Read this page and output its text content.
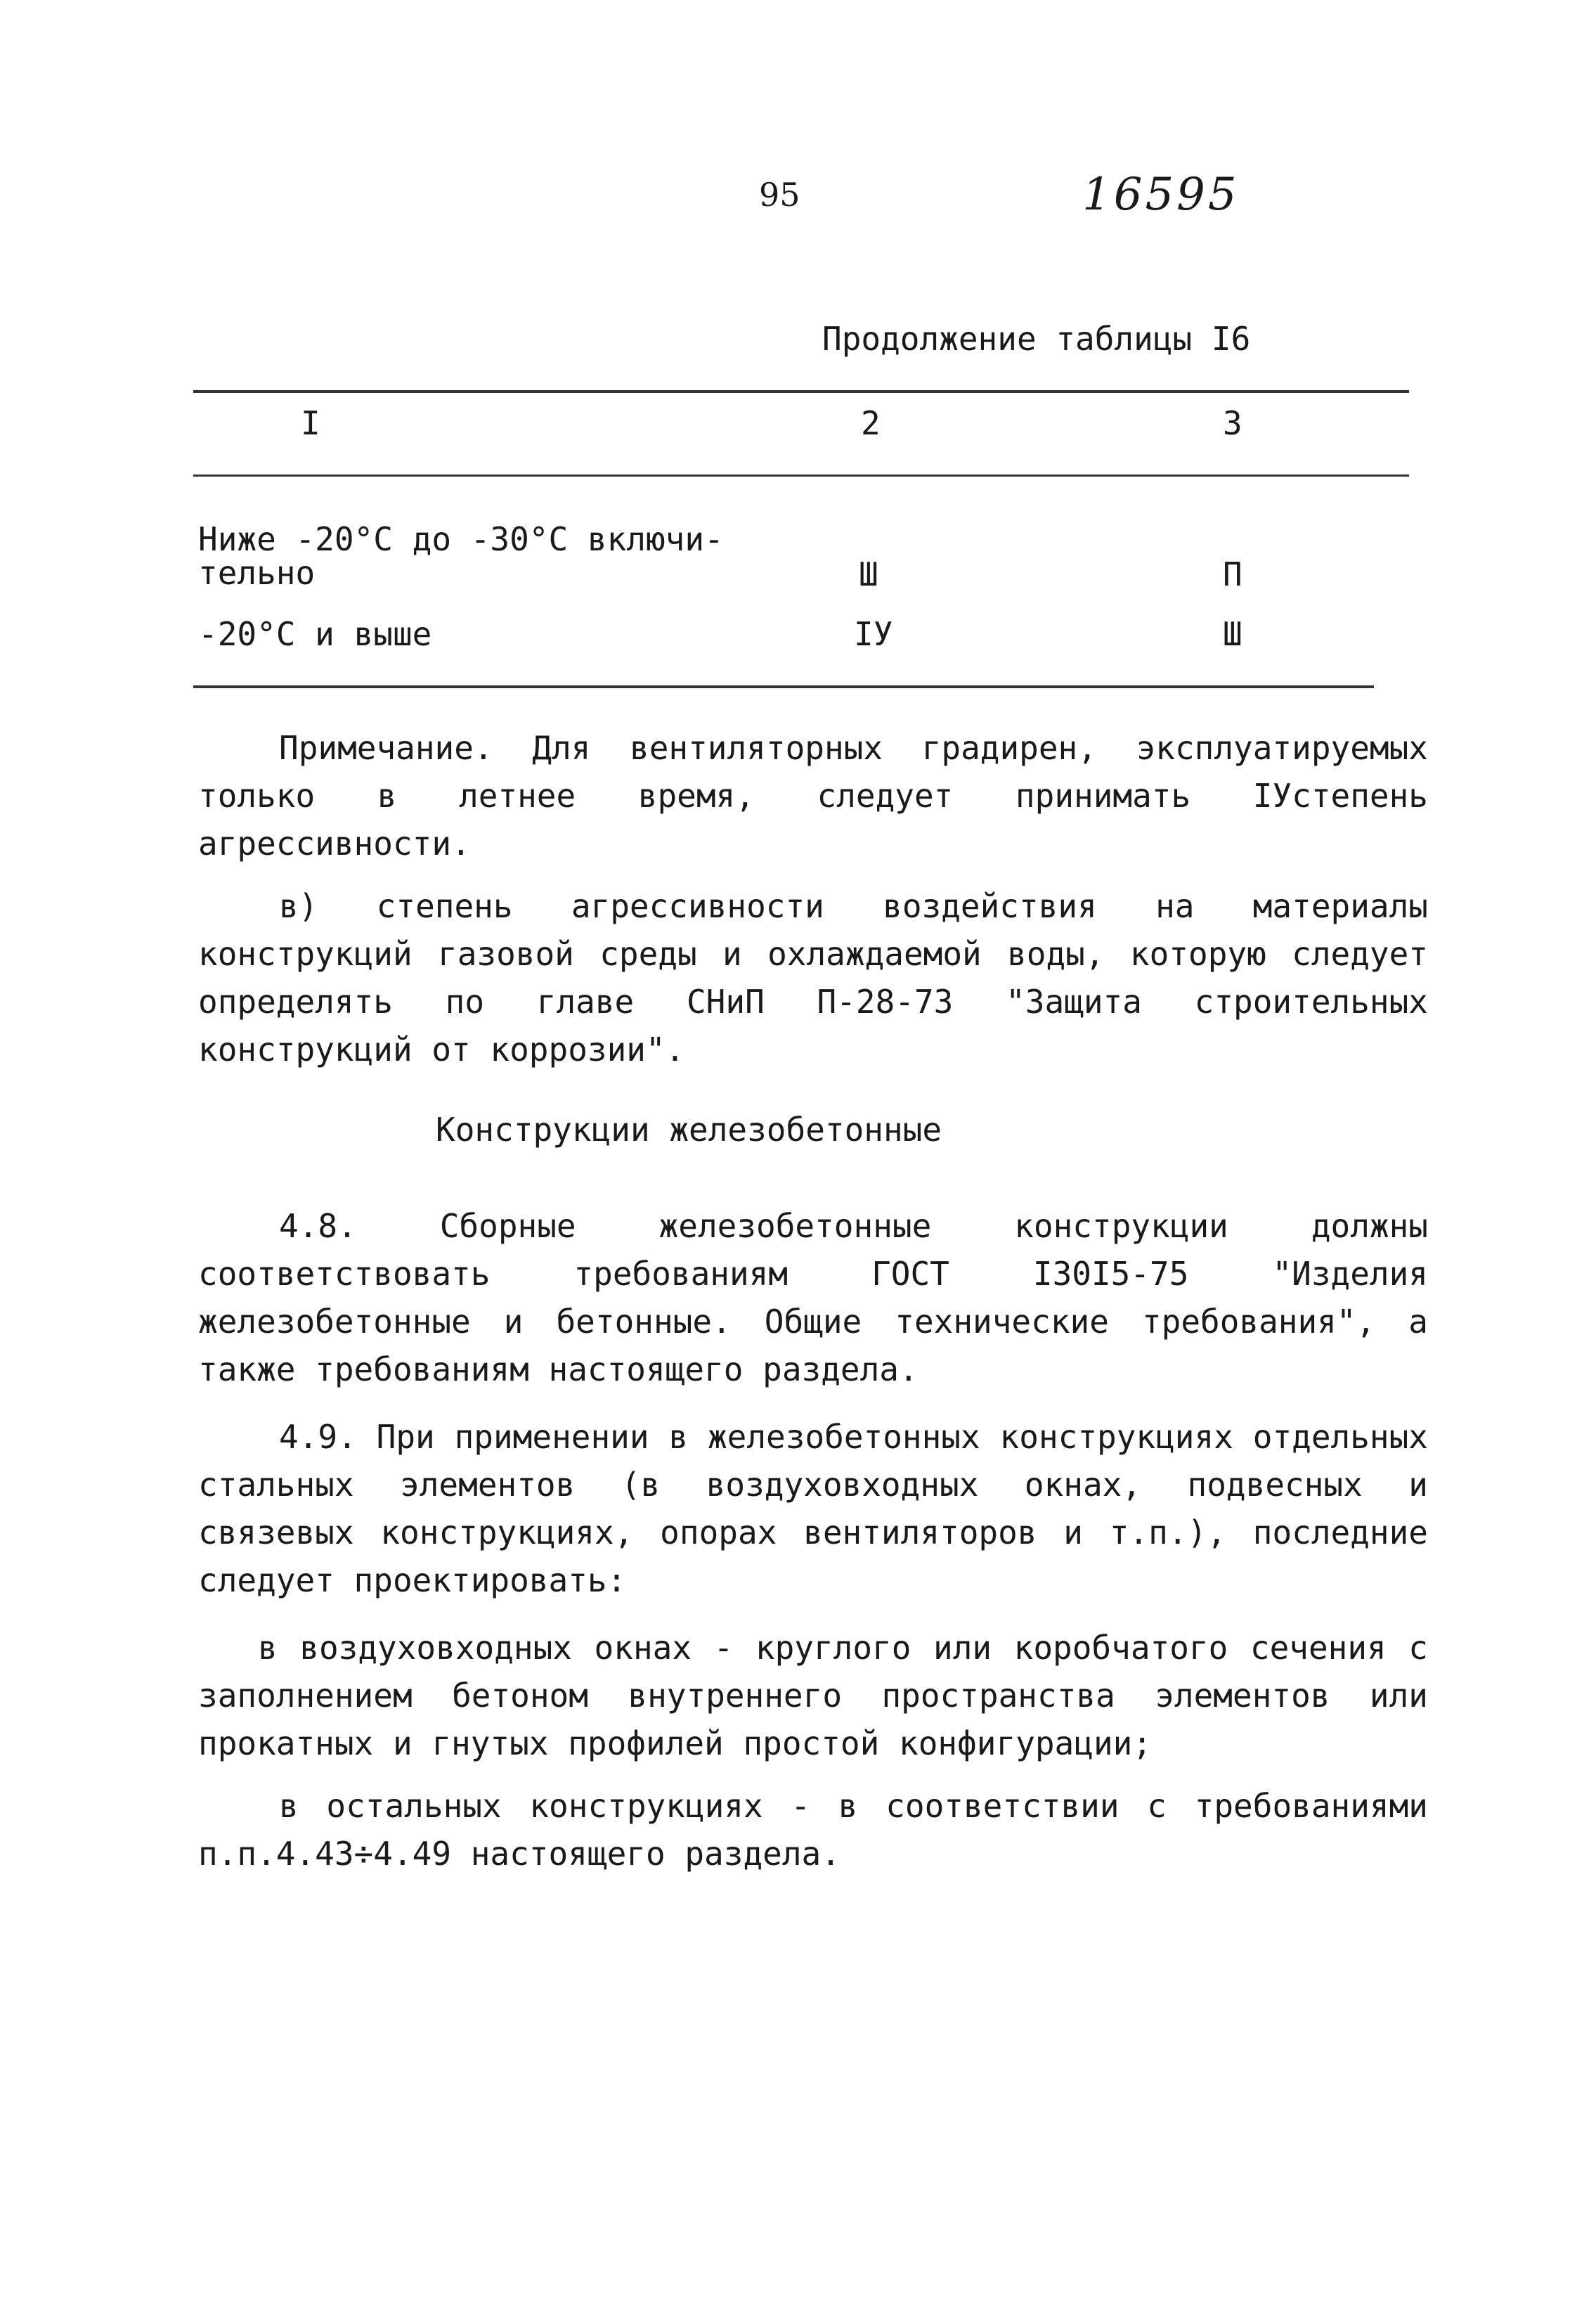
95	16595
Продолжение таблицы I6
I	2	3
Ниже -20°С до -30°С включи-
тельно	Ш	П
-20°С и выше	IУ	Ш

Примечание. Для вентиляторных градирен, эксплуатируемых только в летнее время, следует принимать IУстепень агрессивности.

в) степень агрессивности воздействия на материалы конструкций газовой среды и охлаждаемой воды, которую следует определять по главе СНиП П-28-73 "Защита строительных конструкций от коррозии".

Конструкции железобетонные

4.8. Сборные железобетонные конструкции должны соответствовать требованиям ГОСТ I30I5-75 "Изделия железобетонные и бетонные. Общие технические требования", а также требованиям настоящего раздела.

4.9. При применении в железобетонных конструкциях отдельных стальных элементов (в воздуховходных окнах, подвесных и связевых конструкциях, опорах вентиляторов и т.п.), последние следует проектировать:

в воздуховходных окнах - круглого или коробчатого сечения с заполнением бетоном внутреннего пространства элементов или прокатных и гнутых профилей простой конфигурации;

в остальных конструкциях - в соответствии с требованиями п.п.4.43÷4.49 настоящего раздела.
